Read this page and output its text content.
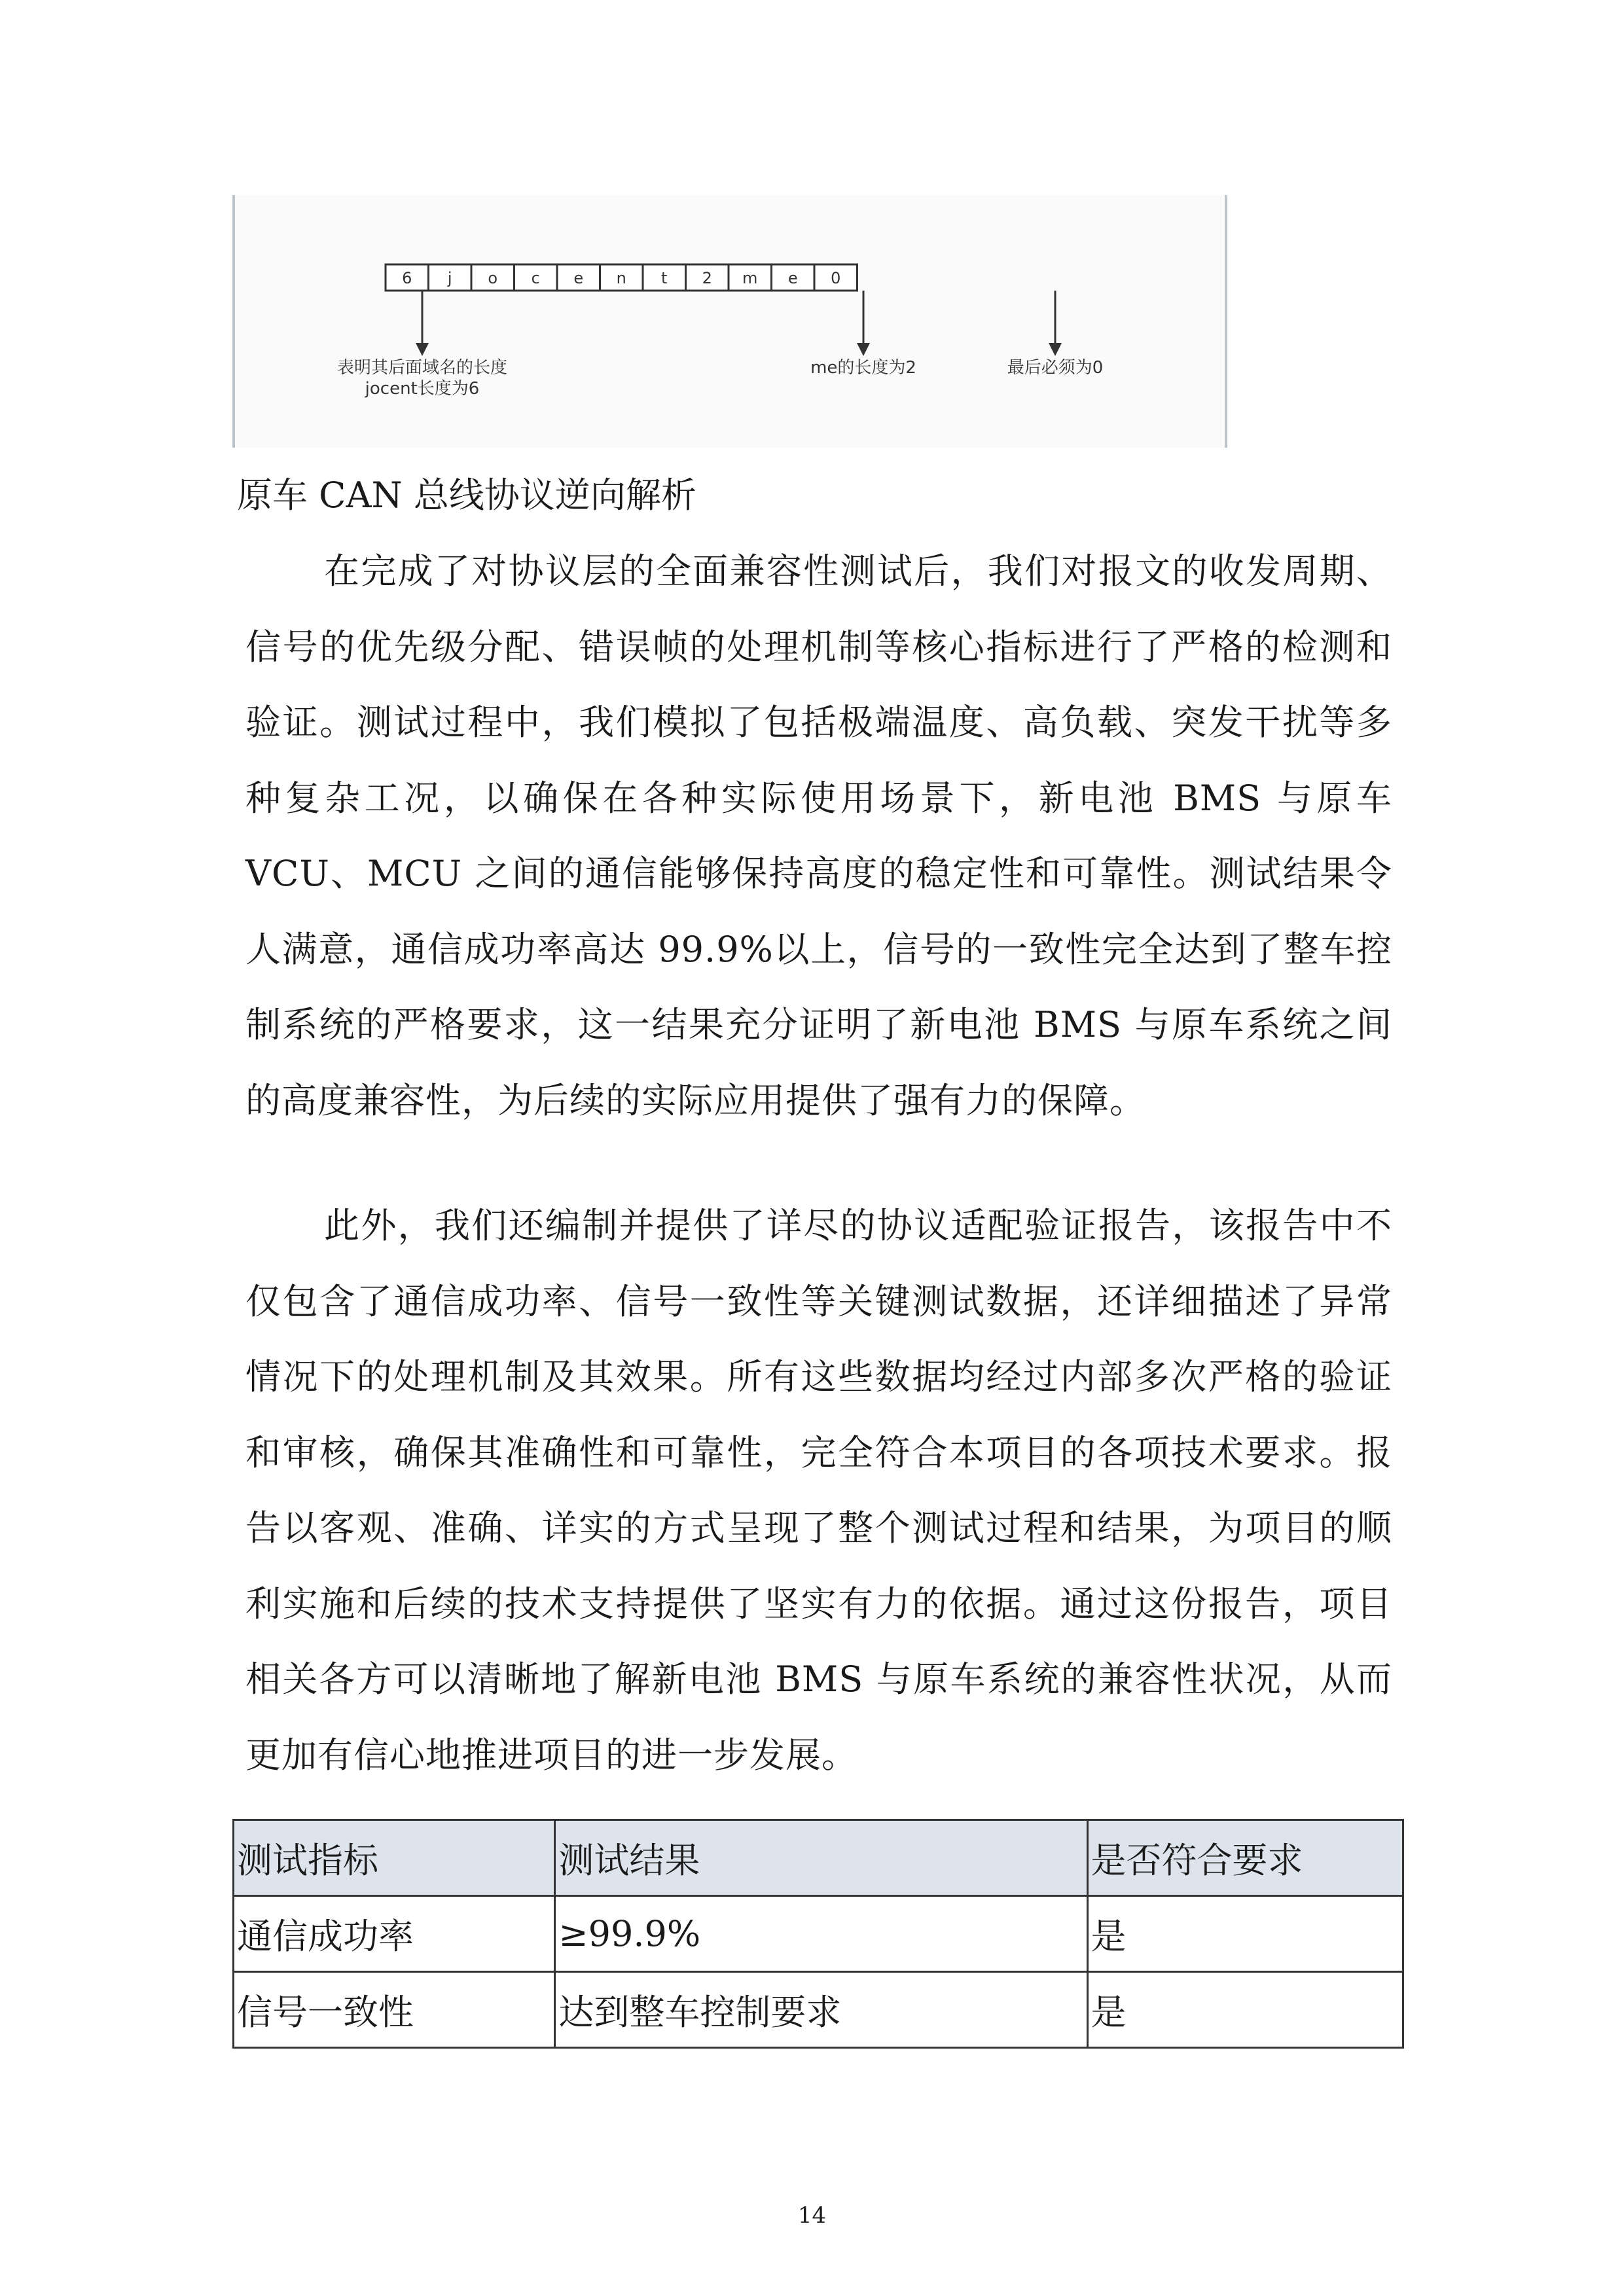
6 j o c e n t 2 m e 0
表明其后面域名的长度
jocent长度为6
me的长度为2	最后必须为0
原车 CAN 总线协议逆向解析

在完成了对协议层的全面兼容性测试后，我们对报文的收发周期、信号的优先级分配、错误帧的处理机制等核心指标进行了严格的检测和验证。测试过程中，我们模拟了包括极端温度、高负载、突发干扰等多种复杂工况，以确保在各种实际使用场景下，新电池 BMS 与原车 VCU、MCU 之间的通信能够保持高度的稳定性和可靠性。测试结果令人满意，通信成功率高达 99.9%以上，信号的一致性完全达到了整车控制系统的严格要求，这一结果充分证明了新电池 BMS 与原车系统之间的高度兼容性，为后续的实际应用提供了强有力的保障。

此外，我们还编制并提供了详尽的协议适配验证报告，该报告中不仅包含了通信成功率、信号一致性等关键测试数据，还详细描述了异常情况下的处理机制及其效果。所有这些数据均经过内部多次严格的验证和审核，确保其准确性和可靠性，完全符合本项目的各项技术要求。报告以客观、准确、详实的方式呈现了整个测试过程和结果，为项目的顺利实施和后续的技术支持提供了坚实有力的依据。通过这份报告，项目相关各方可以清晰地了解新电池 BMS 与原车系统的兼容性状况，从而更加有信心地推进项目的进一步发展。

测试指标	测试结果	是否符合要求
通信成功率	≥99.9%	是
信号一致性	达到整车控制要求	是
14
